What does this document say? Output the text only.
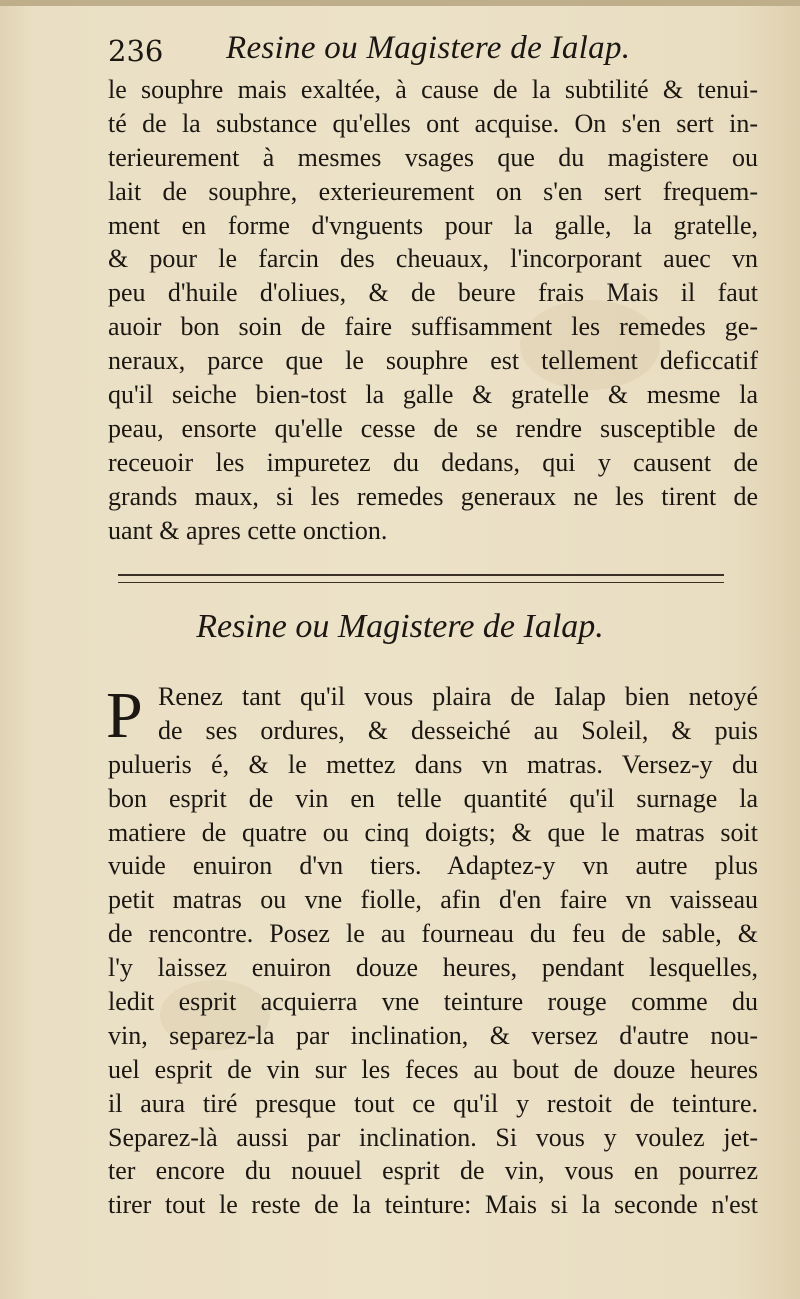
236 Resine ou Magistere de Ialap.
le souphre mais exaltée, à cause de la subtilité & tenui-
té de la substance qu'elles ont acquise. On s'en sert in-
terieurement à mesmes vsages que du magistere ou
lait de souphre, exterieurement on s'en sert frequem-
ment en forme d'vnguents pour la galle, la gratelle,
& pour le farcin des cheuaux, l'incorporant auec vn
peu d'huile d'oliues, & de beure frais Mais il faut
auoir bon soin de faire suffisamment les remedes ge-
neraux, parce que le souphre est tellement deficcatif
qu'il seiche bien-tost la galle & gratelle & mesme la
peau, ensorte qu'elle cesse de se rendre susceptible de
receuoir les impuretez du dedans, qui y causent de
grands maux, si les remedes generaux ne les tirent de
uant & apres cette onction.
Resine ou Magistere de Ialap.
P Renez tant qu'il vous plaira de Ialap bien netoyé
de ses ordures, & desseiché au Soleil, & puis
pulueris é, & le mettez dans vn matras. Versez-y du
bon esprit de vin en telle quantité qu'il surnage la
matiere de quatre ou cinq doigts; & que le matras soit
vuide enuiron d'vn tiers. Adaptez-y vn autre plus
petit matras ou vne fiolle, afin d'en faire vn vaisseau
de rencontre. Posez le au fourneau du feu de sable, &
l'y laissez enuiron douze heures, pendant lesquelles,
ledit esprit acquierra vne teinture rouge comme du
vin, separez-la par inclination, & versez d'autre nou-
uel esprit de vin sur les feces au bout de douze heures
il aura tiré presque tout ce qu'il y restoit de teinture.
Separez-là aussi par inclination. Si vous y voulez jet-
ter encore du nouuel esprit de vin, vous en pourrez
tirer tout le reste de la teinture: Mais si la seconde n'est
